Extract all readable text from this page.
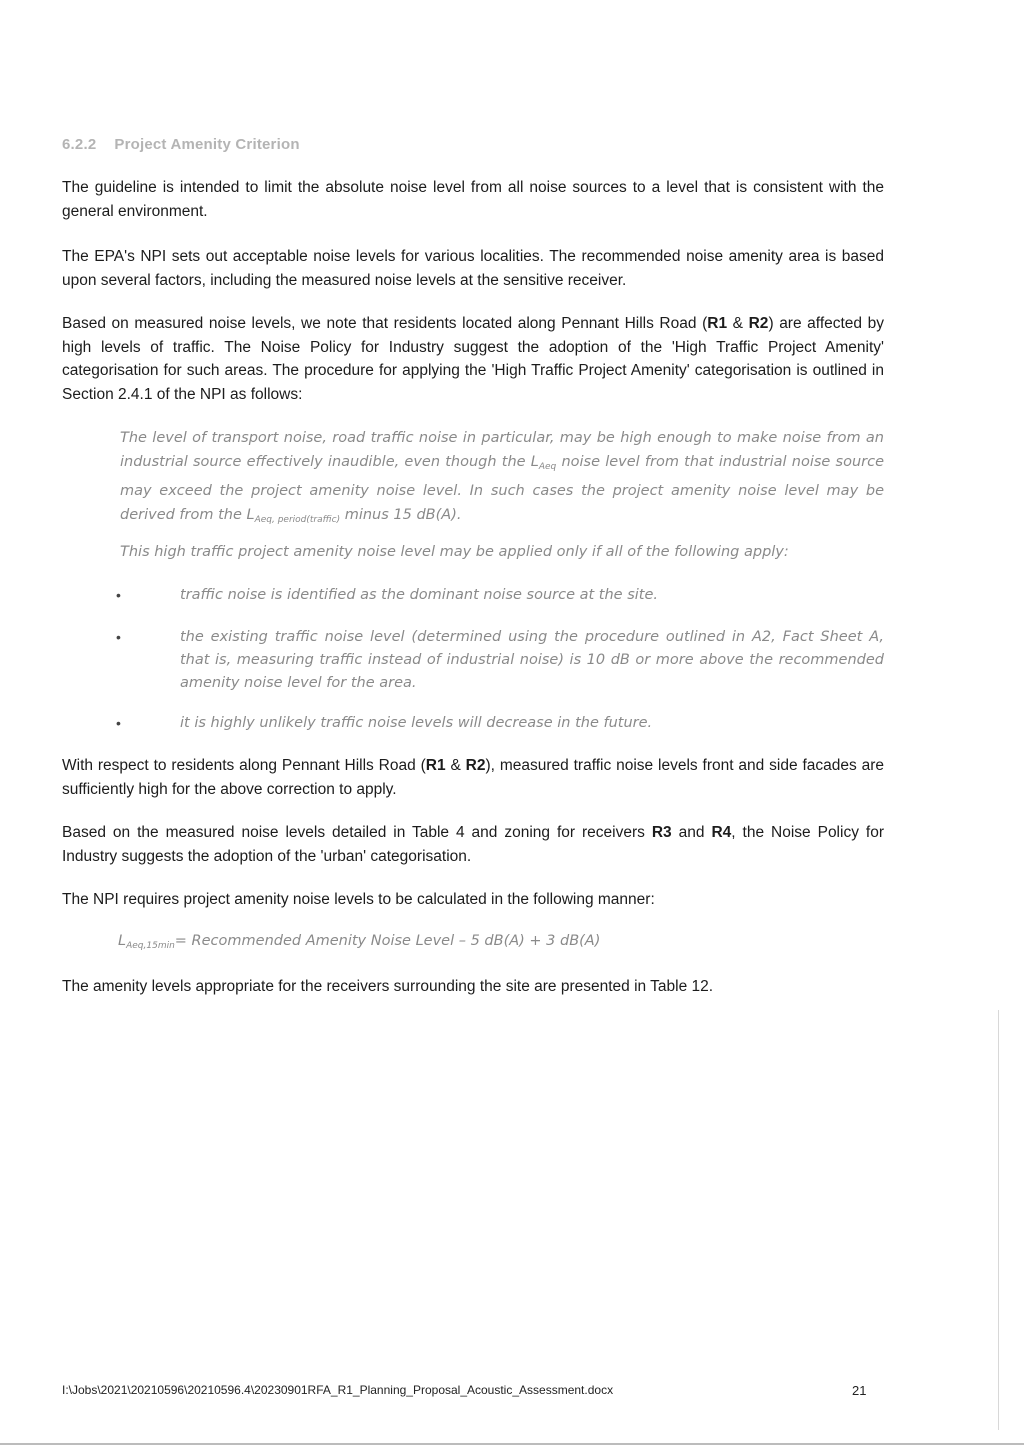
6.2.2 Project Amenity Criterion
The guideline is intended to limit the absolute noise level from all noise sources to a level that is consistent with the general environment.
The EPA's NPI sets out acceptable noise levels for various localities. The recommended noise amenity area is based upon several factors, including the measured noise levels at the sensitive receiver.
Based on measured noise levels, we note that residents located along Pennant Hills Road (R1 & R2) are affected by high levels of traffic. The Noise Policy for Industry suggest the adoption of the 'High Traffic Project Amenity' categorisation for such areas. The procedure for applying the 'High Traffic Project Amenity' categorisation is outlined in Section 2.4.1 of the NPI as follows:
The level of transport noise, road traffic noise in particular, may be high enough to make noise from an industrial source effectively inaudible, even though the $L_{Aeq}$ noise level from that industrial noise source may exceed the project amenity noise level. In such cases the project amenity noise level may be derived from the $L_{Aeq, period(traffic)}$ minus 15 dB(A).
This high traffic project amenity noise level may be applied only if all of the following apply:
•	traffic noise is identified as the dominant noise source at the site.
•	the existing traffic noise level (determined using the procedure outlined in A2, Fact Sheet A, that is, measuring traffic instead of industrial noise) is 10 dB or more above the recommended amenity noise level for the area.
•	it is highly unlikely traffic noise levels will decrease in the future.
With respect to residents along Pennant Hills Road (R1 & R2), measured traffic noise levels front and side facades are sufficiently high for the above correction to apply.
Based on the measured noise levels detailed in Table 4 and zoning for receivers R3 and R4, the Noise Policy for Industry suggests the adoption of the 'urban' categorisation.
The NPI requires project amenity noise levels to be calculated in the following manner:
$L_{Aeq,15min}=$ Recommended Amenity Noise Level – 5 dB(A) + 3 dB(A)
The amenity levels appropriate for the receivers surrounding the site are presented in Table 12.
I:\Jobs\2021\20210596\20210596.4\20230901RFA_R1_Planning_Proposal_Acoustic_Assessment.docx	21
